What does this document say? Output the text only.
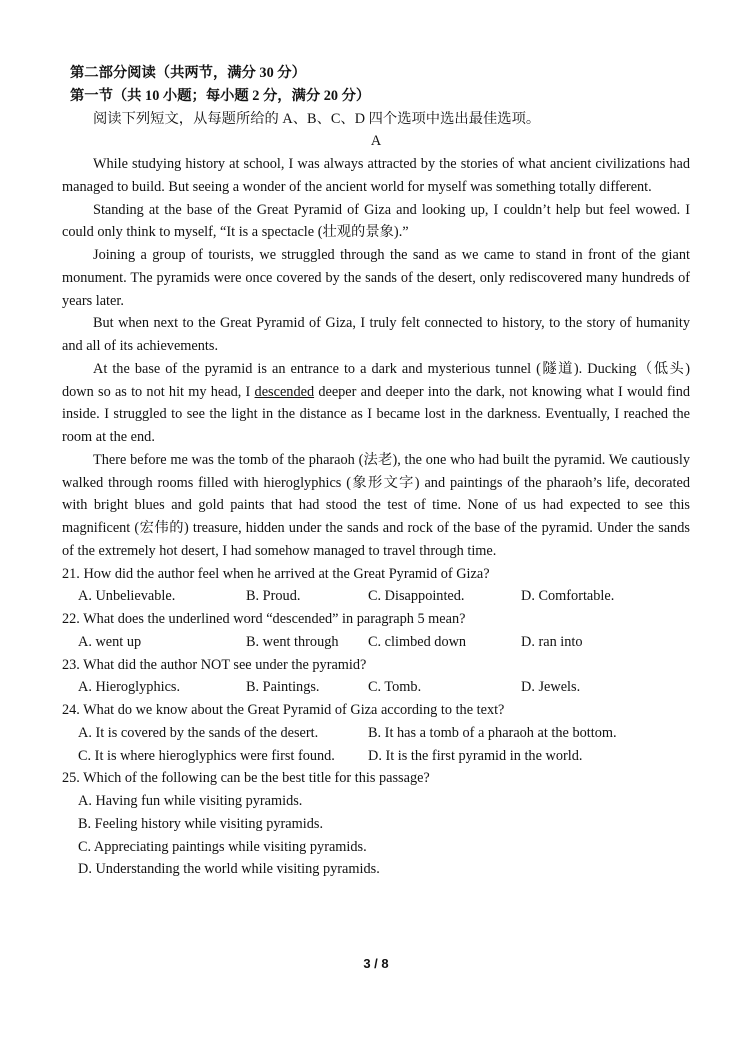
第二部分阅读（共两节，满分 30 分）
第一节（共 10 小题；每小题 2 分，满分 20 分）
阅读下列短文，从每题所给的 A、B、C、D 四个选项中选出最佳选项。
A
While studying history at school, I was always attracted by the stories of what ancient civilizations had managed to build. But seeing a wonder of the ancient world for myself was something totally different.
Standing at the base of the Great Pyramid of Giza and looking up, I couldn’t help but feel wowed. I could only think to myself, “It is a spectacle (壮观的景象).”
Joining a group of tourists, we struggled through the sand as we came to stand in front of the giant monument. The pyramids were once covered by the sands of the desert, only rediscovered many hundreds of years later.
But when next to the Great Pyramid of Giza, I truly felt connected to history, to the story of humanity and all of its achievements.
At the base of the pyramid is an entrance to a dark and mysterious tunnel (隧道). Ducking（低头) down so as to not hit my head, I descended deeper and deeper into the dark, not knowing what I would find inside. I struggled to see the light in the distance as I became lost in the darkness. Eventually, I reached the room at the end.
There before me was the tomb of the pharaoh (法老), the one who had built the pyramid. We cautiously walked through rooms filled with hieroglyphics (象形文字) and paintings of the pharaoh’s life, decorated with bright blues and gold paints that had stood the test of time. None of us had expected to see this magnificent (宏伟的) treasure, hidden under the sands and rock of the base of the pyramid. Under the sands of the extremely hot desert, I had somehow managed to travel through time.
21. How did the author feel when he arrived at the Great Pyramid of Giza?
A. Unbelievable.	B. Proud.	C. Disappointed.	D. Comfortable.
22. What does the underlined word “descended” in paragraph 5 mean?
A. went up	B. went through C. climbed down	D. ran into
23. What did the author NOT see under the pyramid?
A. Hieroglyphics.	B. Paintings.	C. Tomb.	D. Jewels.
24. What do we know about the Great Pyramid of Giza according to the text?
A. It is covered by the sands of the desert.	B. It has a tomb of a pharaoh at the bottom.
C. It is where hieroglyphics were first found. D. It is the first pyramid in the world.
25. Which of the following can be the best title for this passage?
A. Having fun while visiting pyramids.
B. Feeling history while visiting pyramids.
C. Appreciating paintings while visiting pyramids.
D. Understanding the world while visiting pyramids.
3 / 8
